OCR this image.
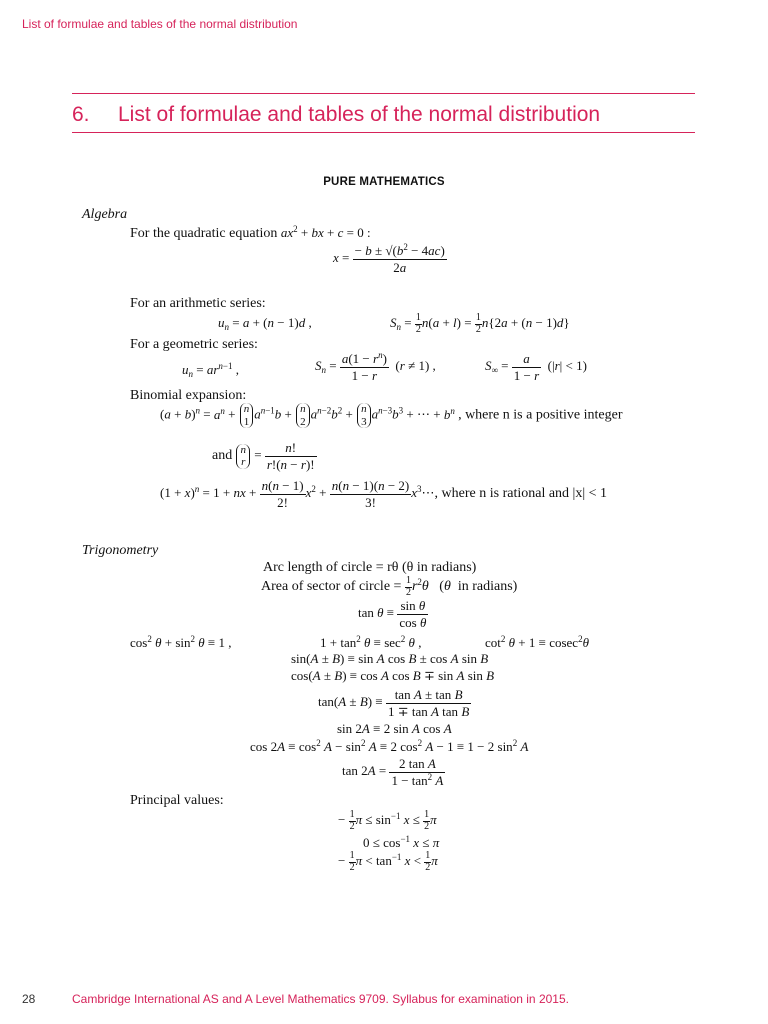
List of formulae and tables of the normal distribution
6. List of formulae and tables of the normal distribution
PURE MATHEMATICS
Algebra
For the quadratic equation $ax^2$ + bx + c = 0 :
$x = \frac{- b \pm √(b^2 - 4ac)}{2a}$
For an arithmetic series:
$u_n = a + (n - 1)d$ ,	$S_n = \frac{1}{2} n(a + l) = \frac{1}{2} n\{2a + (n - 1)d\}$
For a geometric series:
$u_n = ar^{n-1}$ ,	$S_n = \frac{a(1 - r^n)}{1 - r} (r \ne 1)$ ,	$S_\infty = \frac{a}{1 - r} (|r| < 1)$
Binomial expansion:
$(a + b)^n = a^n + n$
1
$a^{n-1}b + n$
2
$a^{n-2}b^2 + n$
3
$a^{n-3}b^3$ + ⋯ + $b^n$ , where n is a positive integer
and n
r
= $\frac{n!}{r!(n - r)!}$
$(1 + x)^n = 1$ + nx + $\frac{n(n - 1)}{2!} x^2 + \frac{n(n - 1)(n - 2)}{3!}$ $x^3\cdots$, where n is rational and |x| < 1
Trigonometry
Arc length of circle = rθ (θ in radians)
Area of sector of circle = $\frac{1}{2} r^2\theta$   (θ  in radians)
$\tan \theta \equiv \frac{\text{sin θ}}{\text{cos θ}}$
$\cos^2 \theta + \sin^2 \theta \equiv 1$ ,	$1 + \tan^2 \theta \equiv \sec^2 \theta$ ,	$\cot^2 \theta + 1 \equiv cosec^2\theta$
sin(A ± B) ≡ sin A cos B ± cos A sin B
cos(A ± B) ≡ cos A cos B ∓ sin A sin B
$\tan(A \pm B) \equiv \frac{\text{tan A ± tan B}}{\text{1 ∓ tan A tan B}}$
sin 2A ≡ 2 sin A cos A
$\cos 2A \equiv \cos^2 A - \sin^2 A \equiv 2$ $\cos^2 A - 1 \equiv 1 - 2$ $\sin^2 A$
$\tan 2A = \frac{\text{2 tan A}}{1 - \tan^2 A}$
Principal values:
− $\frac{1}{2}$ $\pi \le \sin^{-1} x \le \frac{1}{2}$ π
$0 \le \cos^{-1} x \le \pi$
− $\frac{1}{2}$ $\pi < \tan^{-1} x < \frac{1}{2}$ π
28	Cambridge International AS and A Level Mathematics 9709. Syllabus for examination in 2015.
